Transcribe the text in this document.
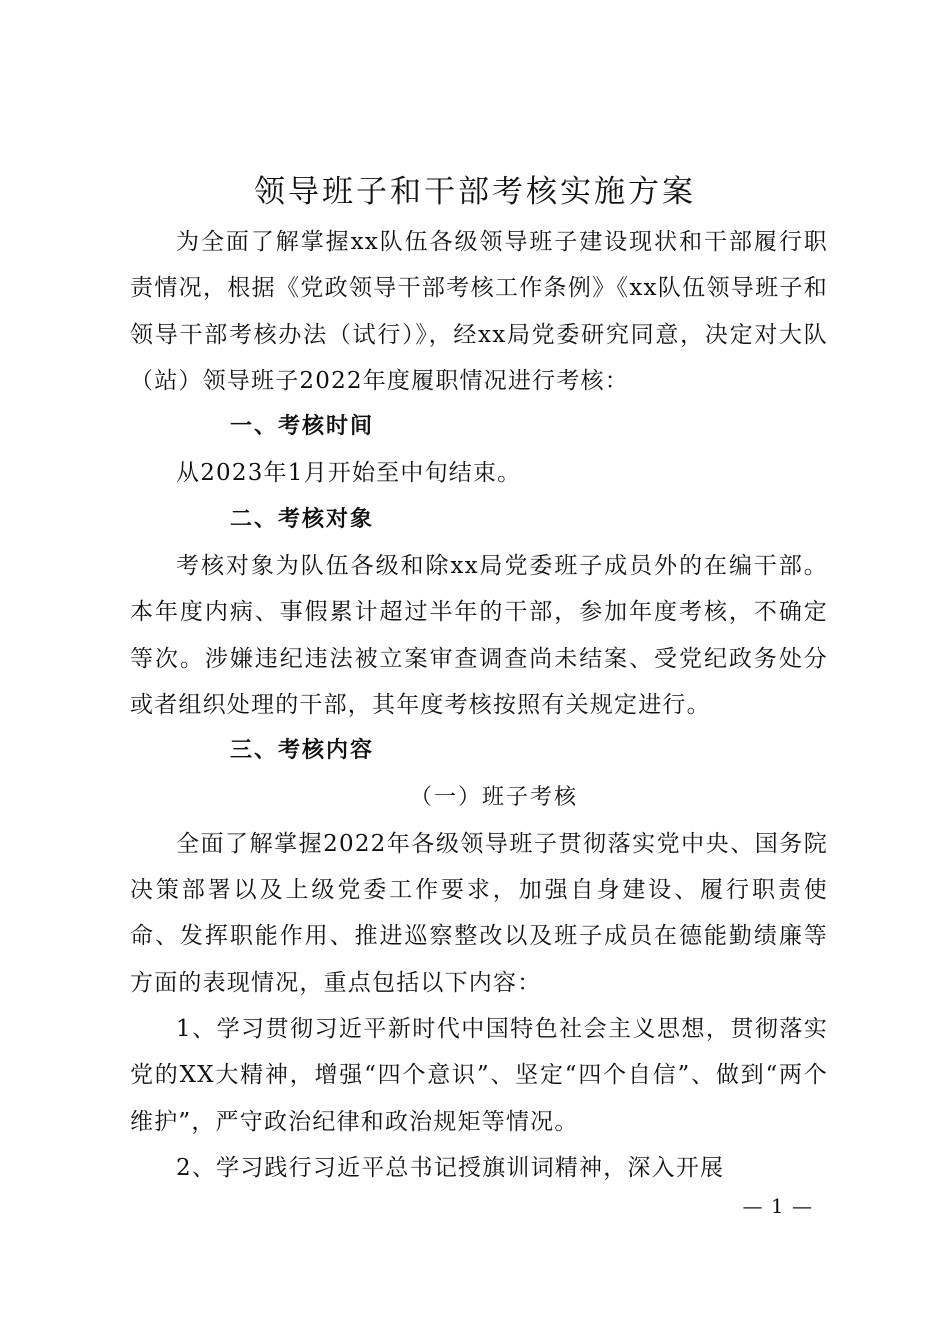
领导班子和干部考核实施方案

为全面了解掌握xx队伍各级领导班子建设现状和干部履行职责情况，根据《党政领导干部考核工作条例》《xx队伍领导班子和领导干部考核办法（试行）》，经xx局党委研究同意，决定对大队（站）领导班子2022年度履职情况进行考核：

一、考核时间

从2023年1月开始至中旬结束。

二、考核对象

考核对象为队伍各级和除xx局党委班子成员外的在编干部。本年度内病、事假累计超过半年的干部，参加年度考核，不确定等次。涉嫌违纪违法被立案审查调查尚未结案、受党纪政务处分或者组织处理的干部，其年度考核按照有关规定进行。

三、考核内容

（一）班子考核

全面了解掌握2022年各级领导班子贯彻落实党中央、国务院决策部署以及上级党委工作要求，加强自身建设、履行职责使命、发挥职能作用、推进巡察整改以及班子成员在德能勤绩廉等方面的表现情况，重点包括以下内容：

1、学习贯彻习近平新时代中国特色社会主义思想，贯彻落实党的XX大精神，增强“四个意识”、坚定“四个自信”、做到“两个维护”，严守政治纪律和政治规矩等情况。

2、学习践行习近平总书记授旗训词精神，深入开展

— 1 —
